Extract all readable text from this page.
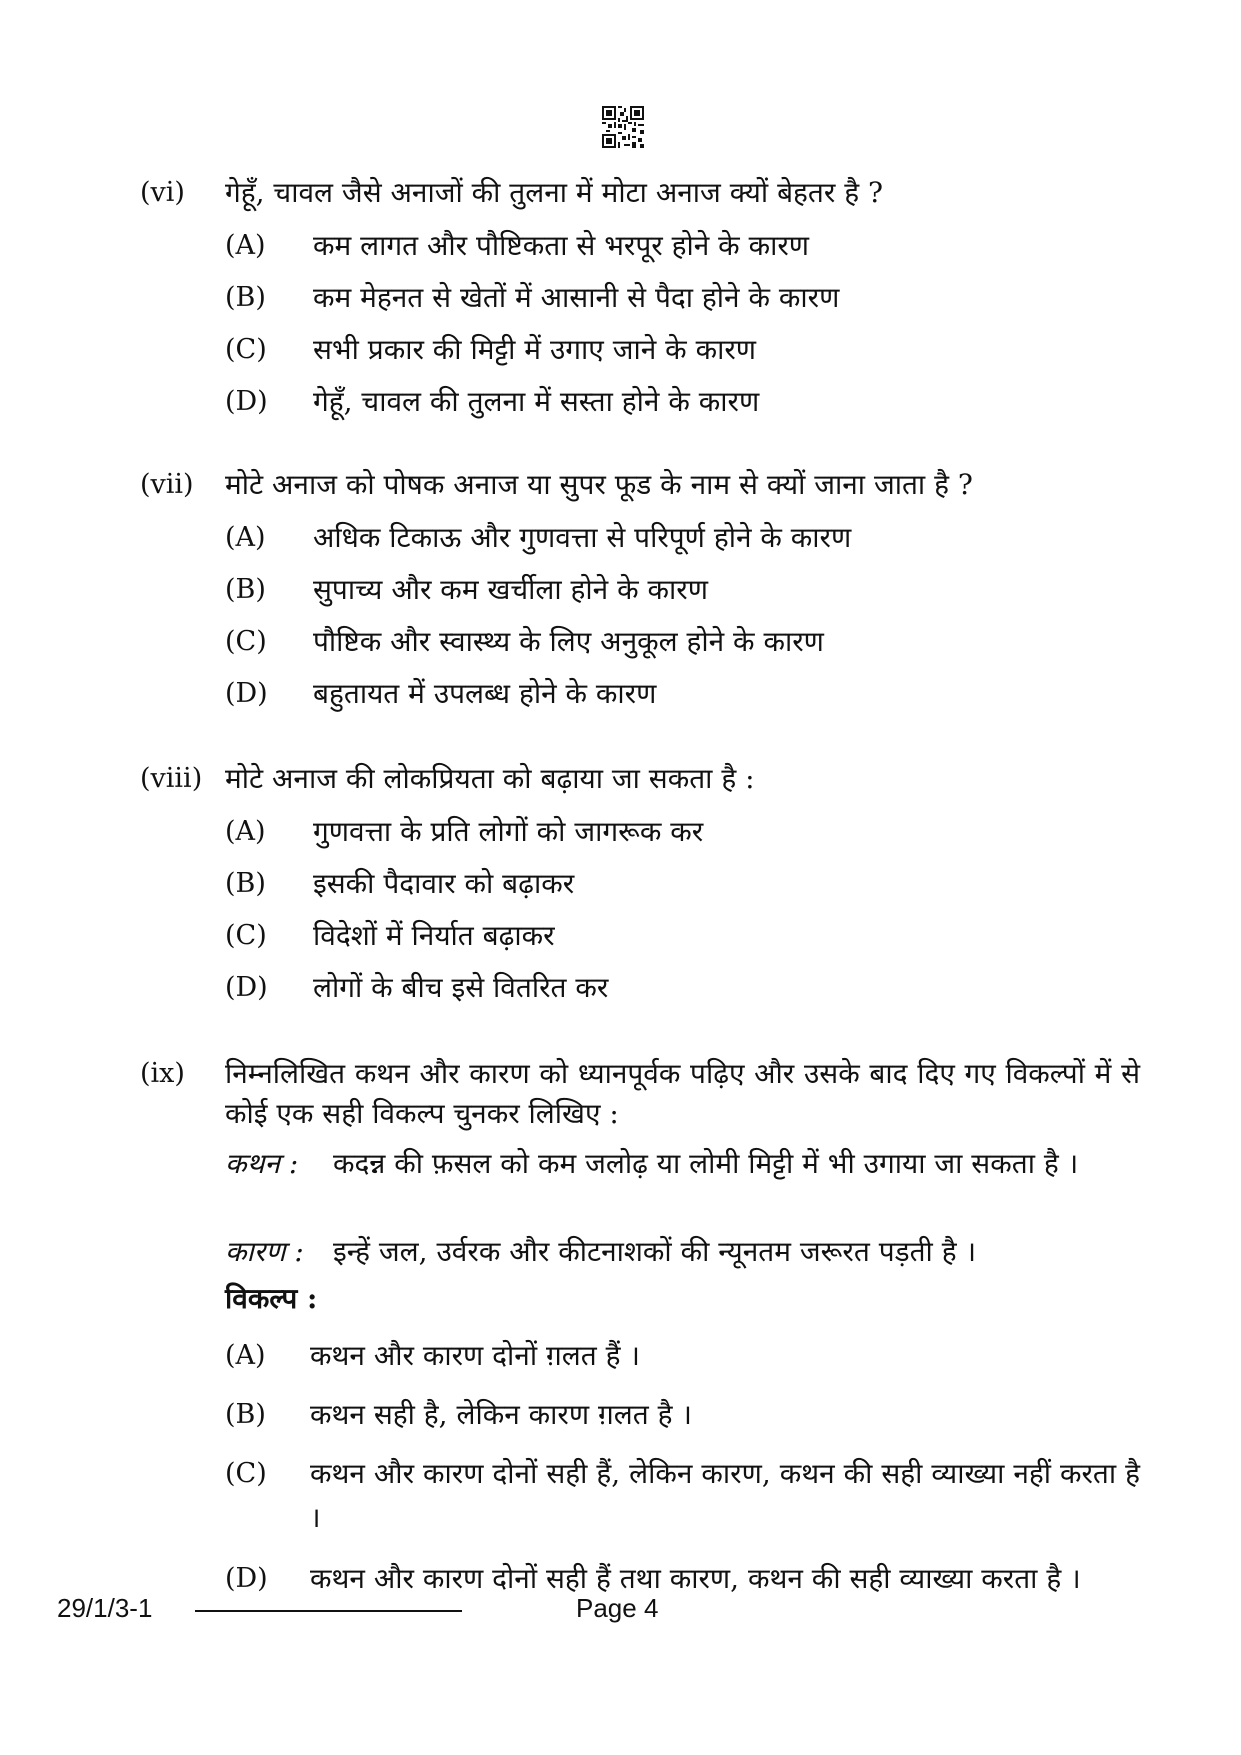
(vi) गेहूँ, चावल जैसे अनाजों की तुलना में मोटा अनाज क्यों बेहतर है ?
(A) कम लागत और पौष्टिकता से भरपूर होने के कारण
(B) कम मेहनत से खेतों में आसानी से पैदा होने के कारण
(C) सभी प्रकार की मिट्टी में उगाए जाने के कारण
(D) गेहूँ, चावल की तुलना में सस्ता होने के कारण
(vii) मोटे अनाज को पोषक अनाज या सुपर फूड के नाम से क्यों जाना जाता है ?
(A) अधिक टिकाऊ और गुणवत्ता से परिपूर्ण होने के कारण
(B) सुपाच्य और कम खर्चीला होने के कारण
(C) पौष्टिक और स्वास्थ्य के लिए अनुकूल होने के कारण
(D) बहुतायत में उपलब्ध होने के कारण
(viii) मोटे अनाज की लोकप्रियता को बढ़ाया जा सकता है :
(A) गुणवत्ता के प्रति लोगों को जागरूक कर
(B) इसकी पैदावार को बढ़ाकर
(C) विदेशों में निर्यात बढ़ाकर
(D) लोगों के बीच इसे वितरित कर
(ix) निम्नलिखित कथन और कारण को ध्यानपूर्वक पढ़िए और उसके बाद दिए गए विकल्पों में से कोई एक सही विकल्प चुनकर लिखिए :
कथन : कदन्न की फ़सल को कम जलोढ़ या लोमी मिट्टी में भी उगाया जा सकता है ।
कारण : इन्हें जल, उर्वरक और कीटनाशकों की न्यूनतम जरूरत पड़ती है ।
विकल्प :
(A) कथन और कारण दोनों ग़लत हैं ।
(B) कथन सही है, लेकिन कारण ग़लत है ।
(C) कथन और कारण दोनों सही हैं, लेकिन कारण, कथन की सही व्याख्या नहीं करता है ।
(D) कथन और कारण दोनों सही हैं तथा कारण, कथन की सही व्याख्या करता है ।
29/1/3-1	Page 4
